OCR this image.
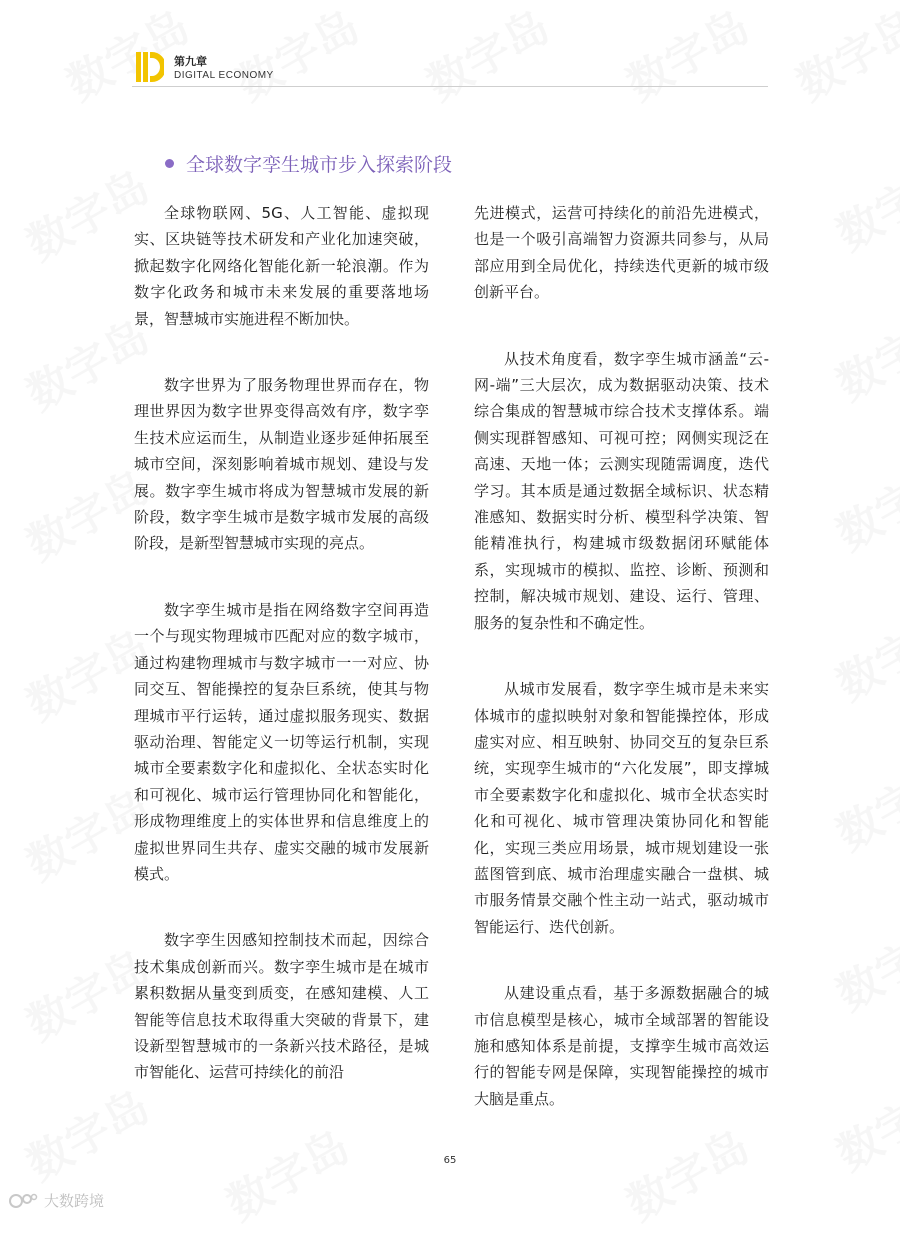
第九章
DIGITAL ECONOMY
全球数字孪生城市步入探索阶段

全球物联网、5G、人工智能、虚拟现实、区块链等技术研发和产业化加速突破，掀起数字化网络化智能化新一轮浪潮。作为数字化政务和城市未来发展的重要落地场景，智慧城市实施进程不断加快。

数字世界为了服务物理世界而存在，物理世界因为数字世界变得高效有序，数字孪生技术应运而生，从制造业逐步延伸拓展至城市空间，深刻影响着城市规划、建设与发展。数字孪生城市将成为智慧城市发展的新阶段，数字孪生城市是数字城市发展的高级阶段，是新型智慧城市实现的亮点。

数字孪生城市是指在网络数字空间再造一个与现实物理城市匹配对应的数字城市，通过构建物理城市与数字城市一一对应、协同交互、智能操控的复杂巨系统，使其与物理城市平行运转，通过虚拟服务现实、数据驱动治理、智能定义一切等运行机制，实现城市全要素数字化和虚拟化、全状态实时化和可视化、城市运行管理协同化和智能化，形成物理维度上的实体世界和信息维度上的虚拟世界同生共存、虚实交融的城市发展新模式。

数字孪生因感知控制技术而起，因综合技术集成创新而兴。数字孪生城市是在城市累积数据从量变到质变，在感知建模、人工智能等信息技术取得重大突破的背景下，建设新型智慧城市的一条新兴技术路径，是城市智能化、运营可持续化的前沿

先进模式，运营可持续化的前沿先进模式，也是一个吸引高端智力资源共同参与，从局部应用到全局优化，持续迭代更新的城市级创新平台。

从技术角度看，数字孪生城市涵盖“云-网-端”三大层次，成为数据驱动决策、技术综合集成的智慧城市综合技术支撑体系。端侧实现群智感知、可视可控；网侧实现泛在高速、天地一体；云测实现随需调度，迭代学习。其本质是通过数据全域标识、状态精准感知、数据实时分析、模型科学决策、智能精准执行，构建城市级数据闭环赋能体系，实现城市的模拟、监控、诊断、预测和控制，解决城市规划、建设、运行、管理、服务的复杂性和不确定性。

从城市发展看，数字孪生城市是未来实体城市的虚拟映射对象和智能操控体，形成虚实对应、相互映射、协同交互的复杂巨系统，实现孪生城市的“六化发展”，即支撑城市全要素数字化和虚拟化、城市全状态实时化和可视化、城市管理决策协同化和智能化，实现三类应用场景，城市规划建设一张蓝图管到底、城市治理虚实融合一盘棋、城市服务情景交融个性主动一站式，驱动城市智能运行、迭代创新。

从建设重点看，基于多源数据融合的城市信息模型是核心，城市全域部署的智能设施和感知体系是前提，支撑孪生城市高效运行的智能专网是保障，实现智能操控的城市大脑是重点。

65
大数跨境
